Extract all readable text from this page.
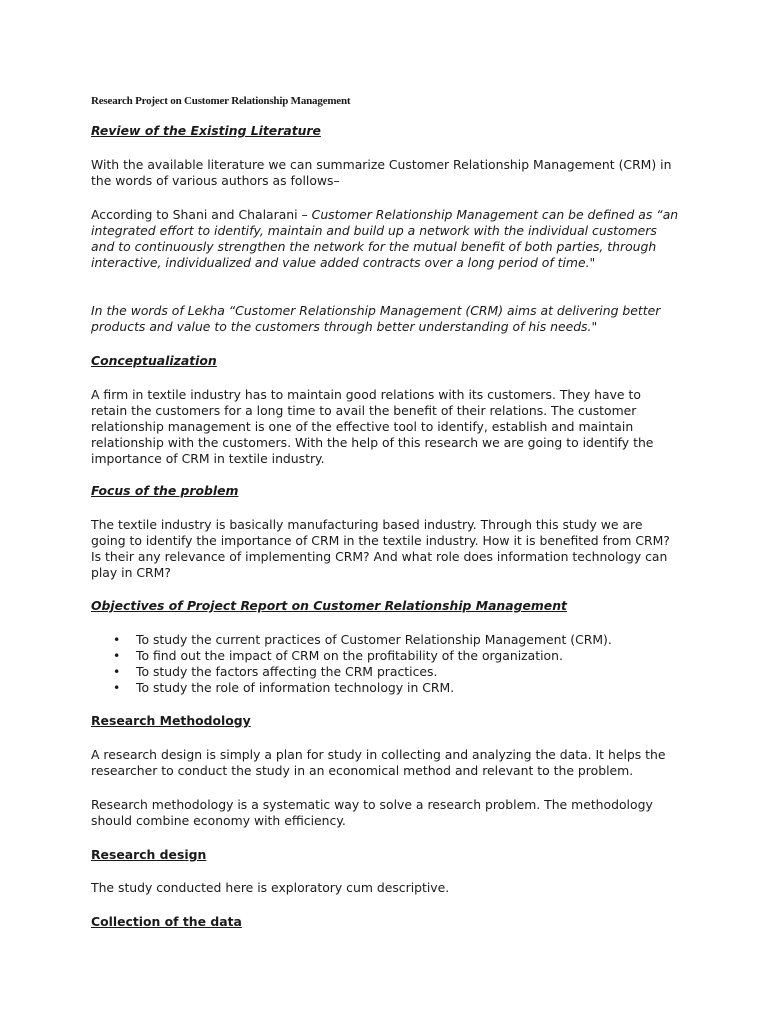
Research Project on Customer Relationship Management

Review of the Existing Literature

With the available literature we can summarize Customer Relationship Management (CRM) in the words of various authors as follows–

According to Shani and Chalarani – Customer Relationship Management can be defined as “an integrated effort to identify, maintain and build up a network with the individual customers and to continuously strengthen the network for the mutual benefit of both parties, through interactive, individualized and value added contracts over a long period of time."

In the words of Lekha “Customer Relationship Management (CRM) aims at delivering better products and value to the customers through better understanding of his needs."

Conceptualization

A firm in textile industry has to maintain good relations with its customers. They have to retain the customers for a long time to avail the benefit of their relations. The customer relationship management is one of the effective tool to identify, establish and maintain relationship with the customers. With the help of this research we are going to identify the importance of CRM in textile industry.

Focus of the problem

The textile industry is basically manufacturing based industry. Through this study we are going to identify the importance of CRM in the textile industry. How it is benefited from CRM? Is their any relevance of implementing CRM? And what role does information technology can play in CRM?

Objectives of Project Report on Customer Relationship Management

• To study the current practices of Customer Relationship Management (CRM).
• To find out the impact of CRM on the profitability of the organization.
• To study the factors affecting the CRM practices.
• To study the role of information technology in CRM.

Research Methodology

A research design is simply a plan for study in collecting and analyzing the data. It helps the researcher to conduct the study in an economical method and relevant to the problem.

Research methodology is a systematic way to solve a research problem. The methodology should combine economy with efficiency.

Research design

The study conducted here is exploratory cum descriptive.

Collection of the data
